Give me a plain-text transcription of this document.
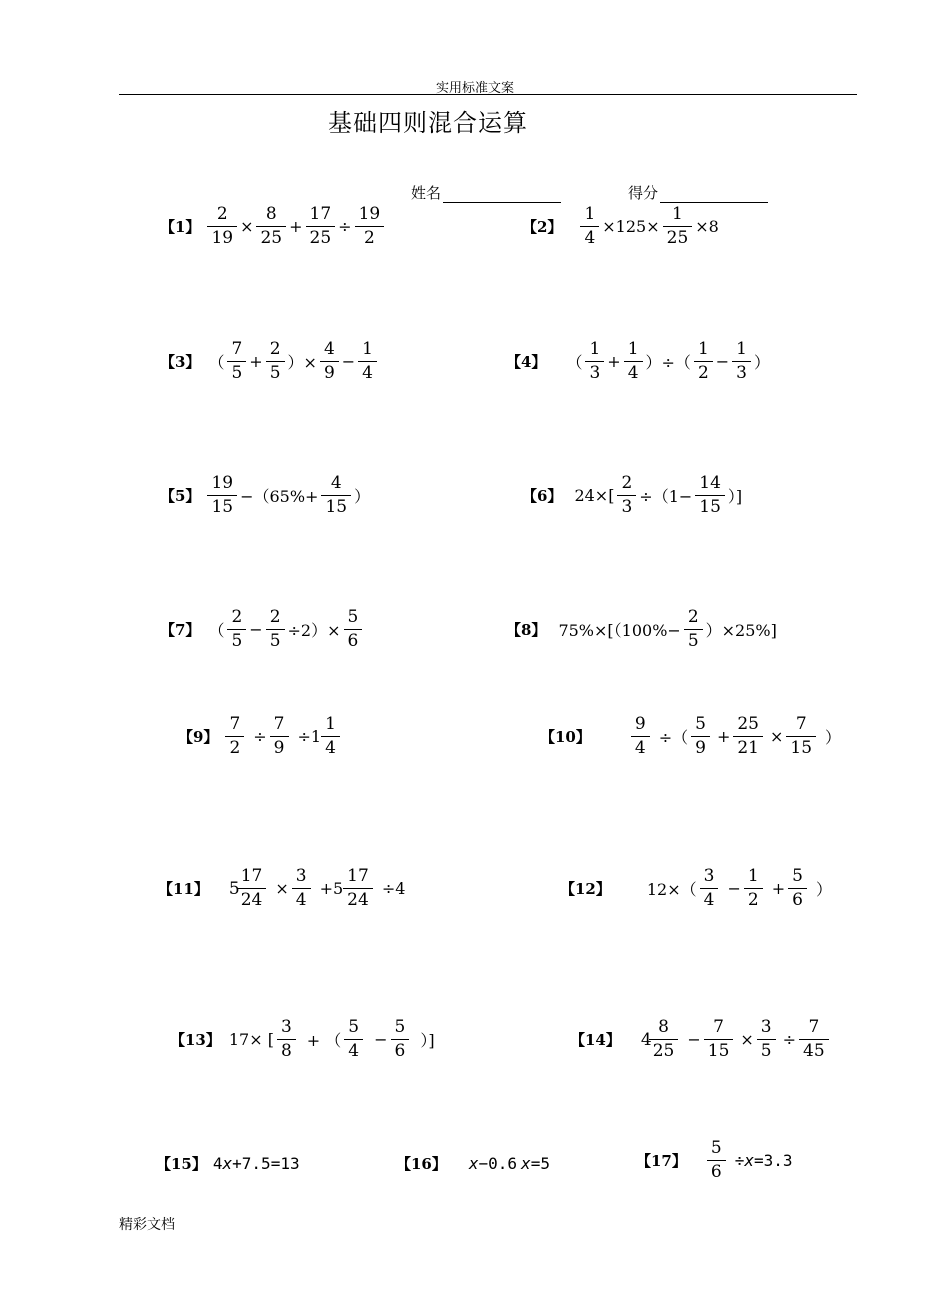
实用标准文案
基础四则混合运算
姓名	得分
【1】 $\frac{2}{19} \times \frac{8}{25} + \frac{17}{25} \div \frac{19}{2}$	【2】 $\frac{1}{4} \times 125\times \frac{1}{25} \times 8$
【3】 （ $\frac{7}{5} + \frac{2}{5}$ ）× $\frac{4}{9} - \frac{1}{4}$	【4】 （ $\frac{1}{3} + \frac{1}{4}$ ）÷（ $\frac{1}{2} - \frac{1}{3}$ ）
【5】 $\frac{19}{15} -(65\%+ \frac{4}{15}$ ）	【6】 $24\times[ \frac{2}{3} \div(1- \frac{14}{15}$ ）]
【7】 （ $\frac{2}{5} - \frac{2}{5} \div 2)\times \frac{5}{6}$	【8】 $75\%\times[(100\%- \frac{2}{5} )\times 25\%]$
【9】 $\frac{7}{2} \div \frac{7}{9} \div 1 \frac{1}{4}$	【10】 $\frac{9}{4}$ ÷（ $\frac{5}{9} + \frac{25}{21} \times \frac{7}{15}$ ）
【11】 $5 \frac{17}{24} \times \frac{3}{4} +5 \frac{17}{24} \div 4$	【12】 $12\times( \frac{3}{4} - \frac{1}{2} + \frac{5}{6}$ ）
【13】 17× [ $\frac{3}{8}$ + （ $\frac{5}{4} - \frac{5}{6}$ ）]	【14】 $4 \frac{8}{25} - \frac{7}{15} \times \frac{3}{5} \div \frac{7}{45}$
【15】 4x+7.5=13	【16】 x−0.6 x=5	【17】 $\frac{5}{6} \div x=3.3$
精彩文档
